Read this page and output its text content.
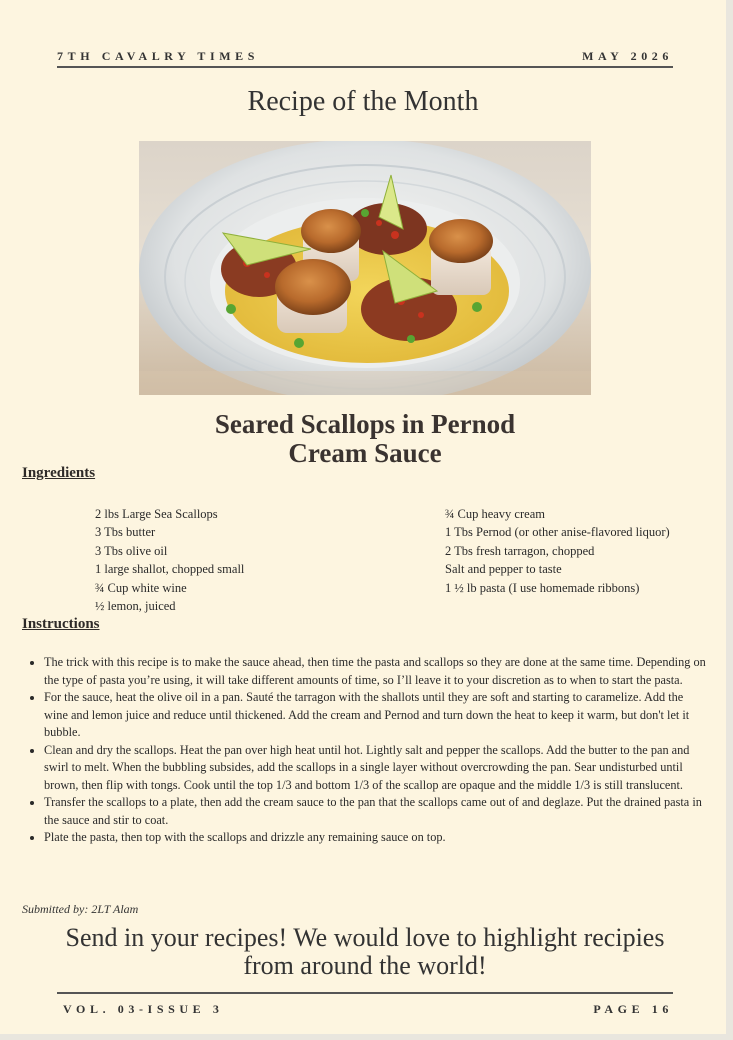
7TH CAVALRY TIMES	MAY 2026
Recipe of the Month
Seared Scallops in Pernod
Cream Sauce
Ingredients
2 lbs Large Sea Scallops
3 Tbs butter
3 Tbs olive oil
1 large shallot, chopped small
¾ Cup white wine
½ lemon, juiced
¾ Cup heavy cream
1 Tbs Pernod (or other anise-flavored liquor)
2 Tbs fresh tarragon, chopped
Salt and pepper to taste
1 ½ lb pasta (I use homemade ribbons)
Instructions
• The trick with this recipe is to make the sauce ahead, then time the pasta and scallops so they are done at the same time. Depending on the type of pasta you’re using, it will take different amounts of time, so I’ll leave it to your discretion as to when to start the pasta.
• For the sauce, heat the olive oil in a pan. Sauté the tarragon with the shallots until they are soft and starting to caramelize. Add the wine and lemon juice and reduce until thickened. Add the cream and Pernod and turn down the heat to keep it warm, but don't let it bubble.
• Clean and dry the scallops. Heat the pan over high heat until hot. Lightly salt and pepper the scallops. Add the butter to the pan and swirl to melt. When the bubbling subsides, add the scallops in a single layer without overcrowding the pan. Sear undisturbed until brown, then flip with tongs. Cook until the top 1/3 and bottom 1/3 of the scallop are opaque and the middle 1/3 is still translucent.
• Transfer the scallops to a plate, then add the cream sauce to the pan that the scallops came out of and deglaze. Put the drained pasta in the sauce and stir to coat.
• Plate the pasta, then top with the scallops and drizzle any remaining sauce on top.
Submitted by: 2LT Alam
Send in your recipes! We would love to highlight recipies
from around the world!
VOL. 03-ISSUE 3	PAGE 16
